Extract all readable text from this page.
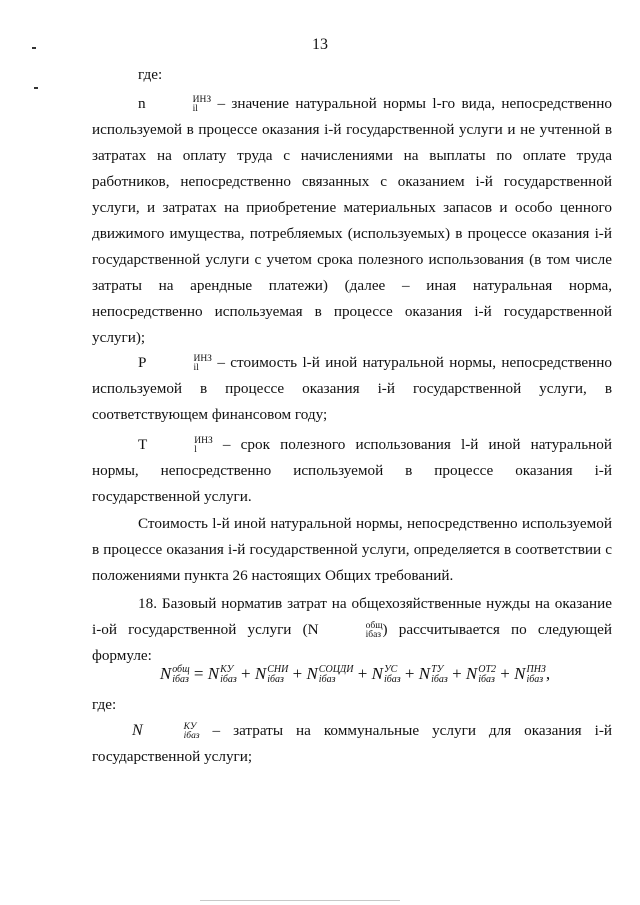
13

где:

n	ИНЗ
il	– значение натуральной нормы l-го вида, непосредственно используемой в процессе оказания i-й государственной услуги и не учтенной в затратах на оплату труда с начислениями на выплаты по оплате труда работников, непосредственно связанных с оказанием i-й государственной услуги, и затратах на приобретение материальных запасов и особо ценного движимого имущества, потребляемых (используемых) в процессе оказания i-й государственной услуги с учетом срока полезного использования (в том числе затраты на арендные платежи) (далее – иная натуральная норма, непосредственно используемая в процессе оказания i-й государственной услуги);

P	ИНЗ
il	– стоимость l-й иной натуральной нормы, непосредственно используемой в процессе оказания i-й государственной услуги, в соответствующем финансовом году;

T	ИНЗ
l	– срок полезного использования l-й иной натуральной нормы, непосредственно используемой в процессе оказания i-й государственной услуги.

Стоимость l-й иной натуральной нормы, непосредственно используемой в процессе оказания i-й государственной услуги, определяется в соответствии с положениями пункта 26 настоящих Общих требований.

18. Базовый норматив затрат на общехозяйственные нужды на оказание i-ой государственной услуги (N	общ
iбаз ) рассчитывается по следующей формуле:

N общ
iбаз = N КУ
iбаз + N СНИ
iбаз + N СОЦДИ
iбаз	+ N УС
iбаз + N ТУ
iбаз + N ОТ2
iбаз + N ПНЗ
iбаз ,

где:

N	КУ
iбаз – затраты на коммунальные услуги для оказания i-й государственной услуги;
